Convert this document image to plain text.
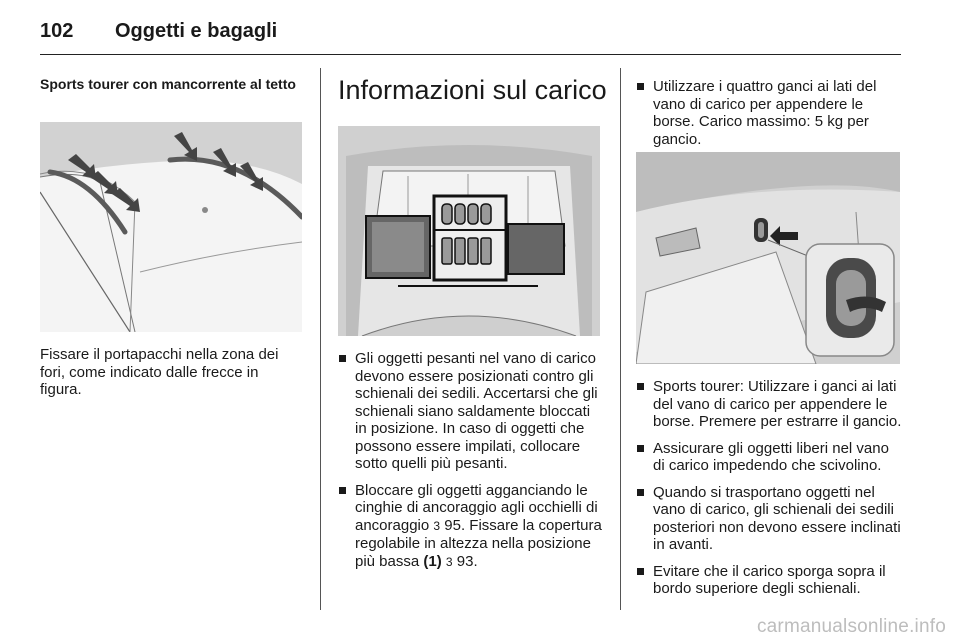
102 Oggetti e bagagli

Sports tourer con mancorrente al tetto

Fissare il portapacchi nella zona dei fori, come indicato dalle frecce in figura.

Informazioni sul carico
Gli oggetti pesanti nel vano di carico devono essere posizionati contro gli schienali dei sedili. Accertarsi che gli schienali siano saldamente bloccati in posizione. In caso di oggetti che possono essere impilati, collocare sotto quelli più pesanti.
Bloccare gli oggetti agganciando le cinghie di ancoraggio agli occhielli di ancoraggio 3 95. Fissare la copertura regolabile in altezza nella posizione più bassa (1) 3 93.
Utilizzare i quattro ganci ai lati del vano di carico per appendere le borse. Carico massimo: 5 kg per gancio.
Sports tourer: Utilizzare i ganci ai lati del vano di carico per appendere le borse. Premere per estrarre il gancio.
Assicurare gli oggetti liberi nel vano di carico impedendo che scivolino.
Quando si trasportano oggetti nel vano di carico, gli schienali dei sedili posteriori non devono essere inclinati in avanti.
Evitare che il carico sporga sopra il bordo superiore degli schienali.
carmanualsonline.info
